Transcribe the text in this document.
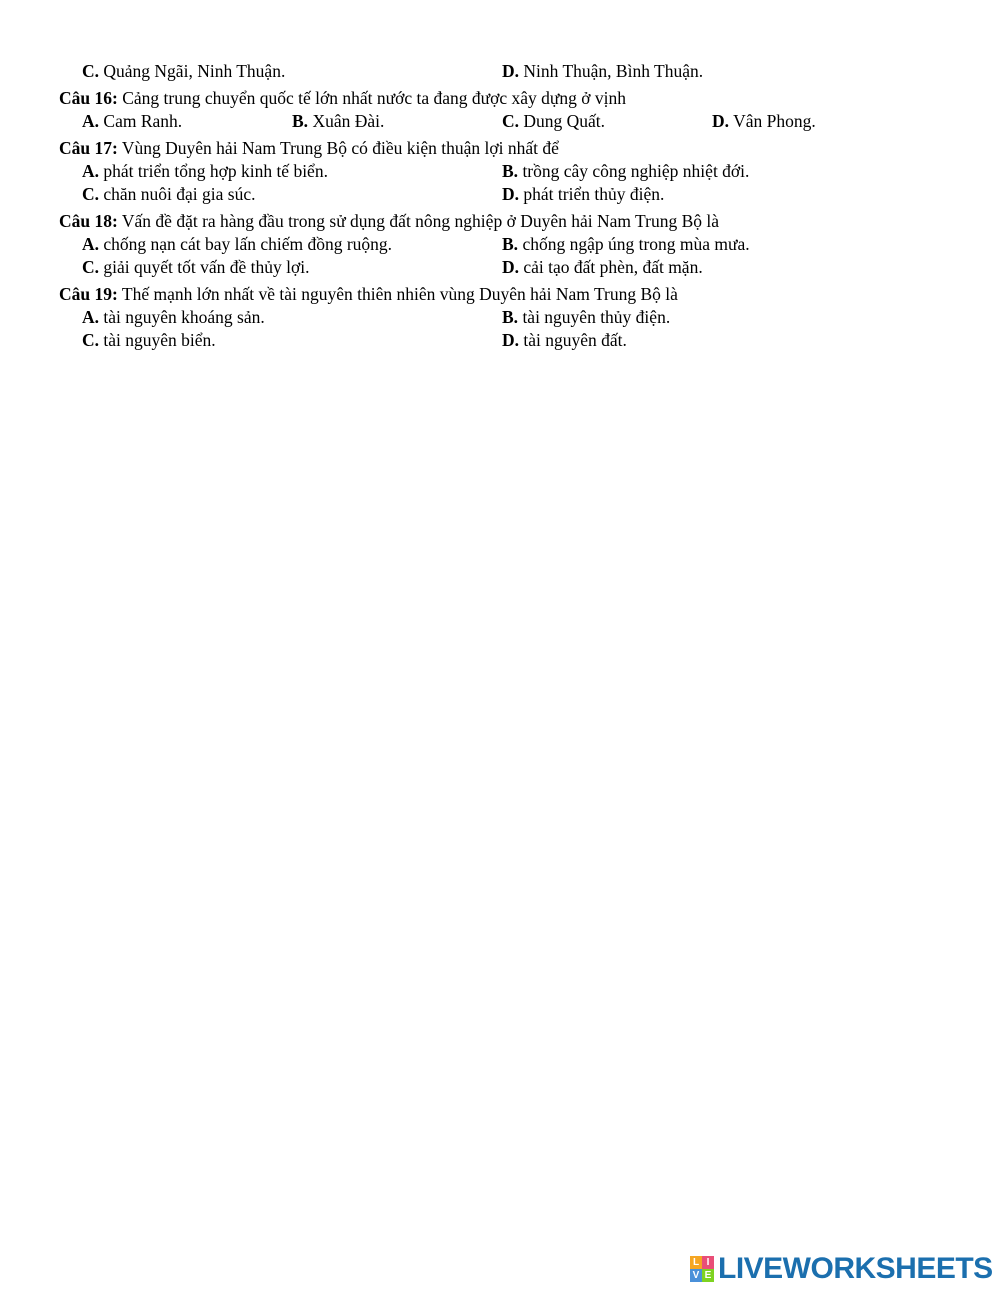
C. Quảng Ngãi, Ninh Thuận.	D. Ninh Thuận, Bình Thuận.
Câu 16: Cảng trung chuyển quốc tế lớn nhất nước ta đang được xây dựng ở vịnh
A. Cam Ranh.	B. Xuân Đài.	C. Dung Quất.	D. Vân Phong.
Câu 17: Vùng Duyên hải Nam Trung Bộ có điều kiện thuận lợi nhất để
A. phát triển tổng hợp kinh tế biển.	B. trồng cây công nghiệp nhiệt đới.
C. chăn nuôi đại gia súc.	D. phát triển thủy điện.
Câu 18: Vấn đề đặt ra hàng đầu trong sử dụng đất nông nghiệp ở Duyên hải Nam Trung Bộ là
A. chống nạn cát bay lấn chiếm đồng ruộng.	B. chống ngập úng trong mùa mưa.
C. giải quyết tốt vấn đề thủy lợi.	D. cải tạo đất phèn, đất mặn.
Câu 19: Thế mạnh lớn nhất về tài nguyên thiên nhiên vùng Duyên hải Nam Trung Bộ là
A. tài nguyên khoáng sản.	B. tài nguyên thủy điện.
C. tài nguyên biển.	D. tài nguyên đất.
L I
V E LIVEWORKSHEETS
